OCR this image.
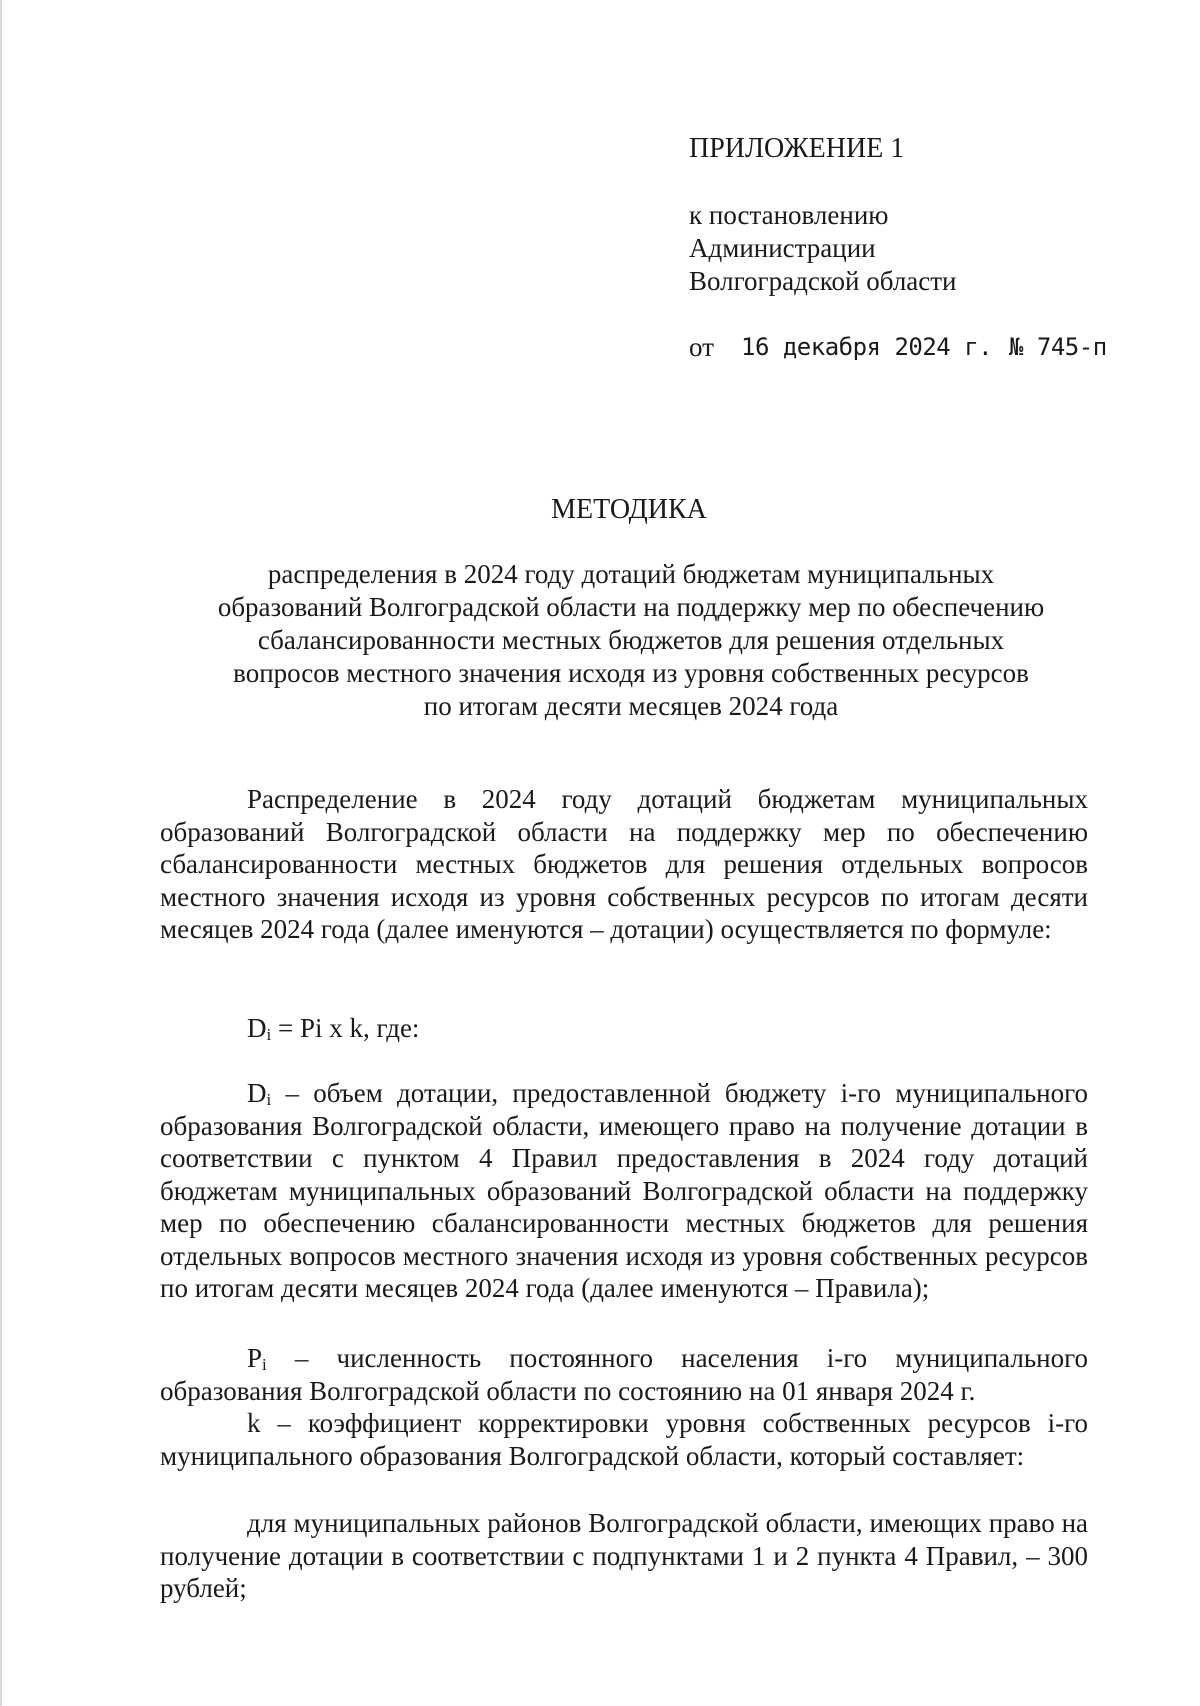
ПРИЛОЖЕНИЕ 1
к постановлению
Администрации
Волгоградской области
от 16 декабря 2024 г. № 745-п
МЕТОДИКА
распределения в 2024 году дотаций бюджетам муниципальных
образований Волгоградской области на поддержку мер по обеспечению
сбалансированности местных бюджетов для решения отдельных
вопросов местного значения исходя из уровня собственных ресурсов
по итогам десяти месяцев 2024 года
Распределение в 2024 году дотаций бюджетам муниципальных образований Волгоградской области на поддержку мер по обеспечению сбалансированности местных бюджетов для решения отдельных вопросов местного значения исходя из уровня собственных ресурсов по итогам десяти месяцев 2024 года (далее именуются – дотации) осуществляется по формуле:
$D_i = Pi$ x k, где:
$D_i$ – объем дотации, предоставленной бюджету i-го муниципального образования Волгоградской области, имеющего право на получение дотации в соответствии с пунктом 4 Правил предоставления в 2024 году дотаций бюджетам муниципальных образований Волгоградской области на поддержку мер по обеспечению сбалансированности местных бюджетов для решения отдельных вопросов местного значения исходя из уровня собственных ресурсов по итогам десяти месяцев 2024 года (далее именуются – Правила);
$P_i$ – численность постоянного населения i-го муниципального образования Волгоградской области по состоянию на 01 января 2024 г.
k – коэффициент корректировки уровня собственных ресурсов i-го муниципального образования Волгоградской области, который составляет:
для муниципальных районов Волгоградской области, имеющих право на получение дотации в соответствии с подпунктами 1 и 2 пункта 4 Правил, – 300 рублей;
